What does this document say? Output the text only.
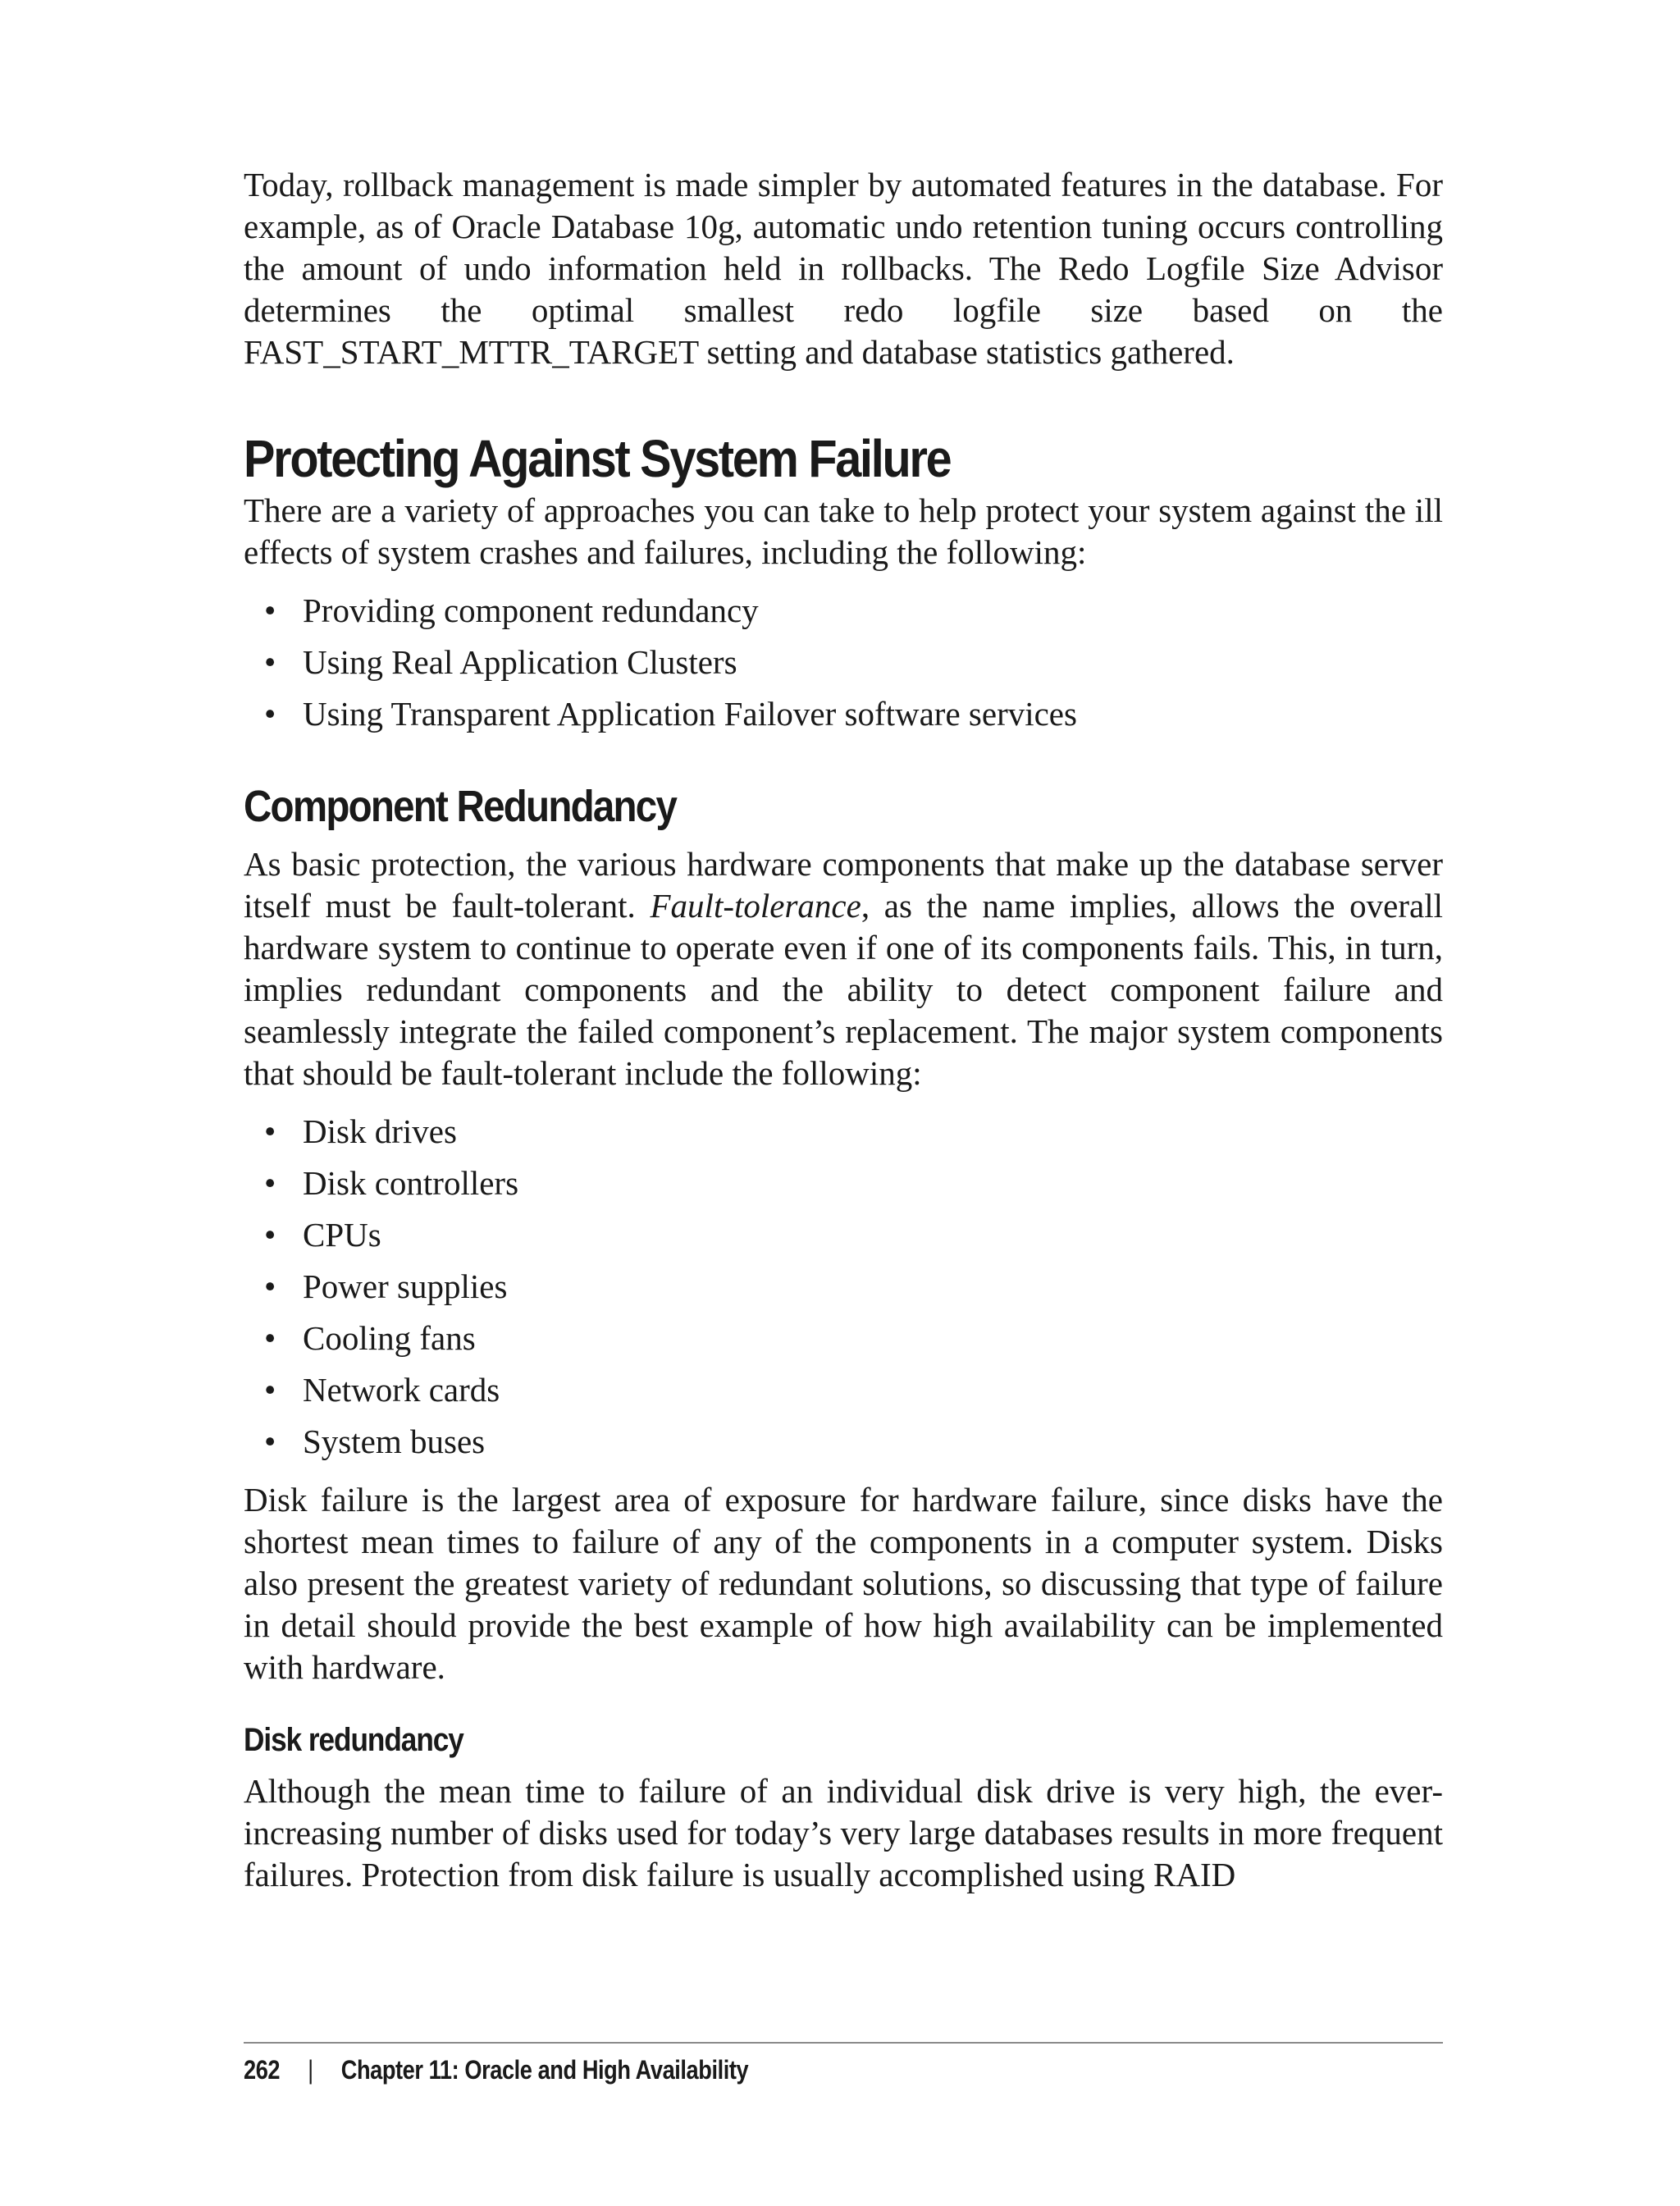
Today, rollback management is made simpler by automated features in the database. For example, as of Oracle Database 10g, automatic undo retention tuning occurs controlling the amount of undo information held in rollbacks. The Redo Logfile Size Advisor determines the optimal smallest redo logfile size based on the FAST_START_MTTR_TARGET setting and database statistics gathered.

Protecting Against System Failure

There are a variety of approaches you can take to help protect your system against the ill effects of system crashes and failures, including the following:

• Providing component redundancy
• Using Real Application Clusters
• Using Transparent Application Failover software services
Component Redundancy

As basic protection, the various hardware components that make up the database server itself must be fault-tolerant. Fault-tolerance, as the name implies, allows the overall hardware system to continue to operate even if one of its components fails. This, in turn, implies redundant components and the ability to detect component failure and seamlessly integrate the failed component’s replacement. The major system components that should be fault-tolerant include the following:

• Disk drives
• Disk controllers
• CPUs
• Power supplies
• Cooling fans
• Network cards
• System buses

Disk failure is the largest area of exposure for hardware failure, since disks have the shortest mean times to failure of any of the components in a computer system. Disks also present the greatest variety of redundant solutions, so discussing that type of failure in detail should provide the best example of how high availability can be implemented with hardware.

Disk redundancy

Although the mean time to failure of an individual disk drive is very high, the ever-increasing number of disks used for today’s very large databases results in more frequent failures. Protection from disk failure is usually accomplished using RAID

262 | Chapter 11: Oracle and High Availability
